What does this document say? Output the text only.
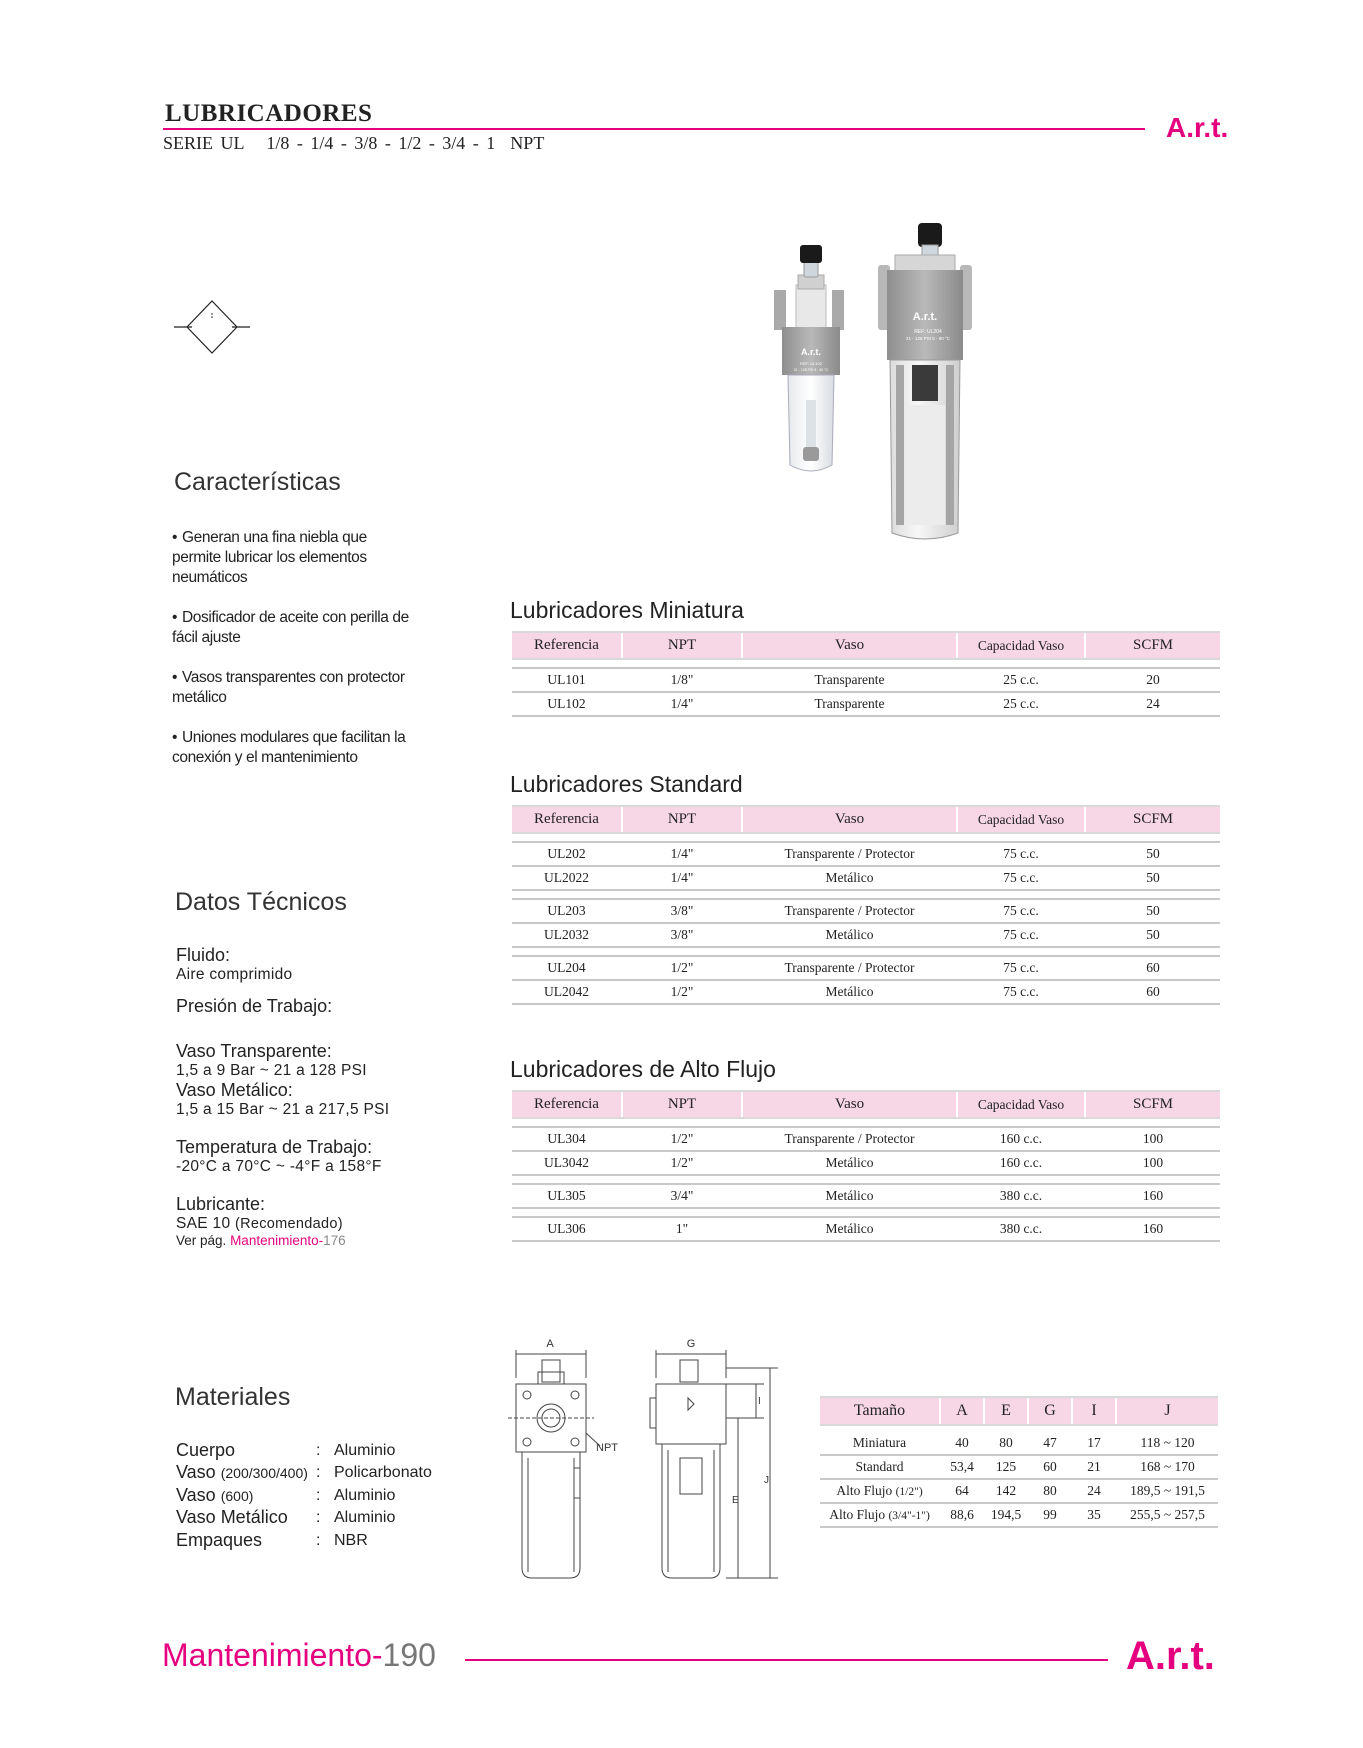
LUBRICADORES
SERIE UL   1/8 - 1/4 - 3/8 - 1/2 - 3/4 - 1  NPT	A.r.t.
A.r.t.
REF: UL102
21 - 128 PSI 5 - 60 °C
A.r.t.
REF: UL204
21 - 128 PSI 5 - 60 °C
Características
• Generan una fina niebla que permite lubricar los elementos neumáticos
• Dosificador de aceite con perilla de fácil ajuste
• Vasos transparentes con protector metálico
• Uniones modulares que facilitan la conexión y el mantenimiento
Datos Técnicos
Fluido:
Aire comprimido
Presión de Trabajo:
Vaso Transparente:
1,5 a 9 Bar ~ 21 a 128 PSI
Vaso Metálico:
1,5 a 15 Bar ~ 21 a 217,5 PSI
Temperatura de Trabajo:
-20°C a 70°C ~ -4°F a 158°F
Lubricante:
SAE 10 (Recomendado)
Ver pág. Mantenimiento-176
Materiales
Cuerpo	: Aluminio
Vaso (200/300/400) : Policarbonato
Vaso (600)	: Aluminio
Vaso Metálico : Aluminio
Empaques	: NBR
Lubricadores Miniatura
Referencia	NPT	Vaso	Capacidad Vaso	SCFM

UL101	1/8"	Transparente	25 c.c.	20
UL102	1/4"	Transparente	25 c.c.	24
Lubricadores Standard
Referencia	NPT	Vaso	Capacidad Vaso	SCFM

UL202	1/4"	Transparente / Protector	75 c.c.	50
UL2022	1/4"	Metálico	75 c.c.	50

UL203	3/8"	Transparente / Protector	75 c.c.	50
UL2032	3/8"	Metálico	75 c.c.	50

UL204	1/2"	Transparente / Protector	75 c.c.	60
UL2042	1/2"	Metálico	75 c.c.	60
Lubricadores de Alto Flujo
Referencia	NPT	Vaso	Capacidad Vaso	SCFM

UL304	1/2"	Transparente / Protector	160 c.c.	100
UL3042	1/2"	Metálico	160 c.c.	100

UL305	3/4"	Metálico	380 c.c.	160

UL306	1"	Metálico	380 c.c.	160
A
NPT
G
I
J
E
Tamaño	A	E	G	I	J

Miniatura	40	80	47	17	118 ~ 120
Standard	53,4	125	60	21	168 ~ 170
Alto Flujo (1/2")	64	142	80	24	189,5 ~ 191,5
Alto Flujo (3/4"-1")	88,6	194,5	99	35	255,5 ~ 257,5
Mantenimiento-190	A.r.t.
